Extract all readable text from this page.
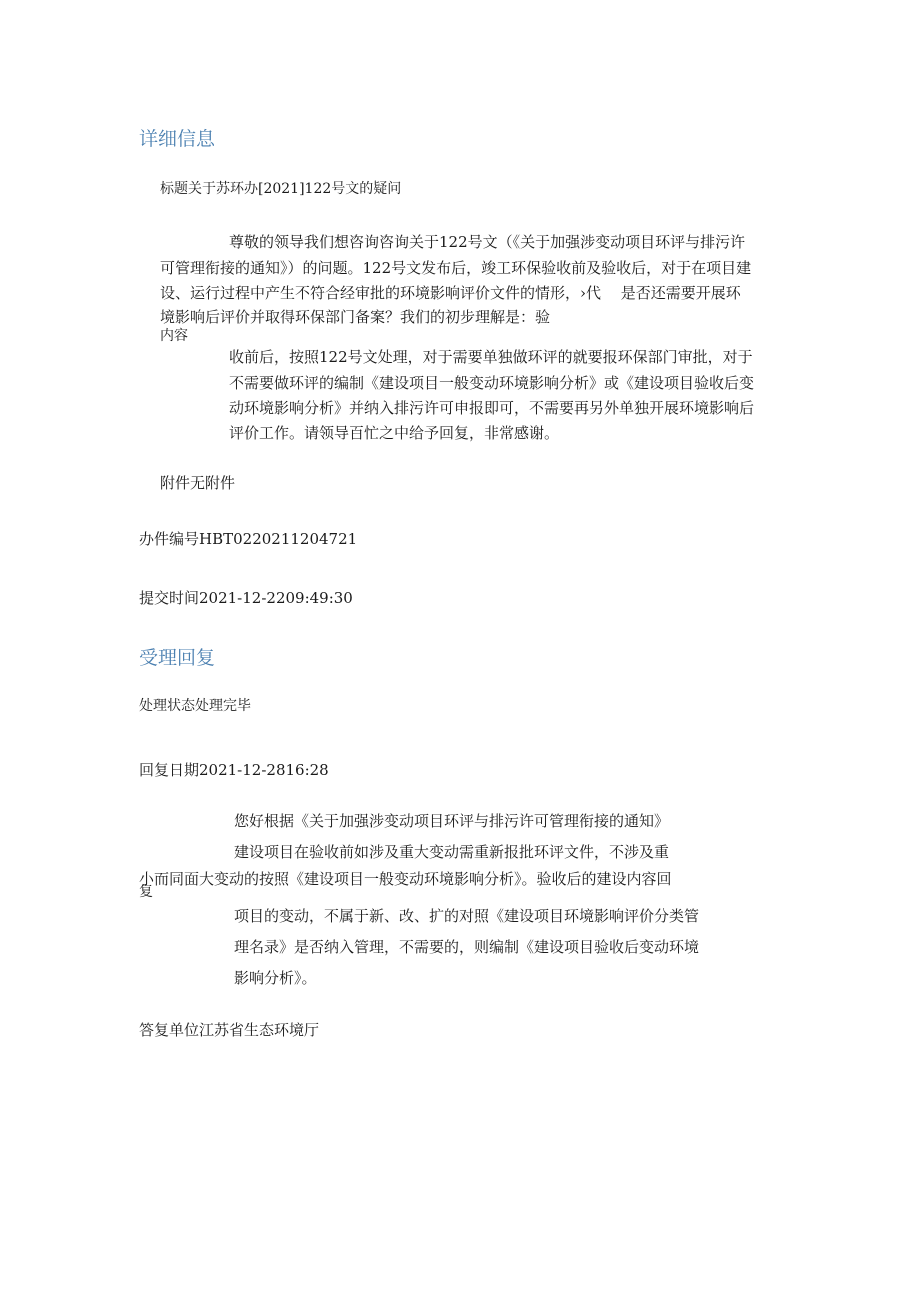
详细信息
标题关于苏环办[2021]122号文的疑问
尊敬的领导我们想咨询咨询关于122号文（《关于加强涉变动项目环评与排污许
可管理衔接的通知》）的问题。122号文发布后，竣工环保验收前及验收后，对于在项目建
设、运行过程中产生不符合经审批的环境影响评价文件的情形，›代　 是否还需要开展环
境影响后评价并取得环保部门备案？我们的初步理解是：验
内容
收前后，按照122号文处理，对于需要单独做环评的就要报环保部门审批，对于
不需要做环评的编制《建设项目一般变动环境影响分析》或《建设项目验收后变
动环境影响分析》并纳入排污许可申报即可，不需要再另外单独开展环境影响后
评价工作。请领导百忙之中给予回复，非常感谢。
附件无附件
办件编号HBT0220211204721
提交时间2021-12-2209:49:30
受理回复
处理状态处理完毕
回复日期2021-12-2816:28
您好根据《关于加强涉变动项目环评与排污许可管理衔接的通知》
建设项目在验收前如涉及重大变动需重新报批环评文件，不涉及重
小而同面大变动的按照《建设项目一般变动环境影响分析》。验收后的建设内容回
复
项目的变动，不属于新、改、扩的对照《建设项目环境影响评价分类管
理名录》是否纳入管理，不需要的，则编制《建设项目验收后变动环境
影响分析》。
答复单位江苏省生态环境厅
